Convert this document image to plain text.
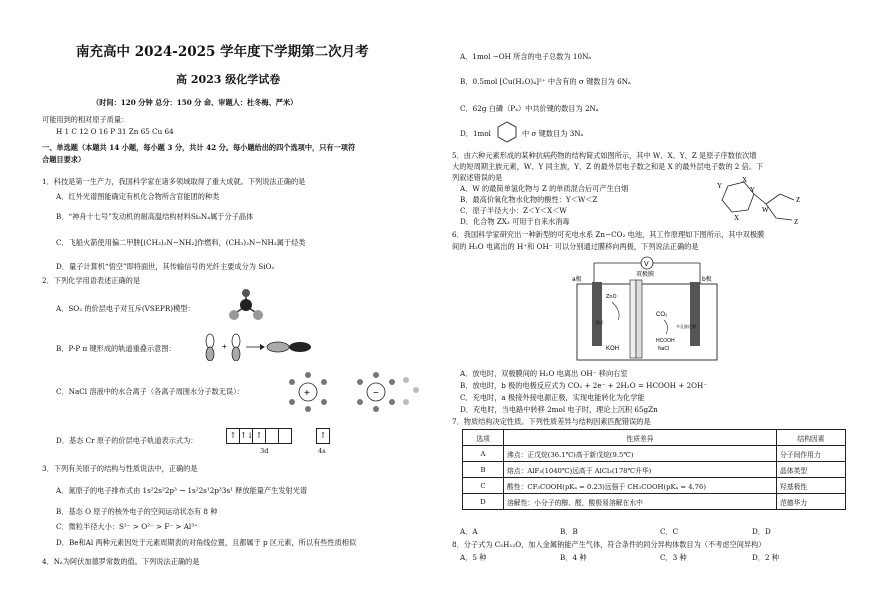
南充高中 2024-2025 学年度下学期第二次月考
高 2023 级化学试卷
（时间：120 分钟 总分：150 分 命、审题人：杜冬梅、严米）
可能用到的相对原子质量：
H 1 C 12 O 16 P 31 Zn 65 Cu 64
一、单选题（本题共 14 小题，每小题 3 分，共计 42 分。每小题给出的四个选项中，只有一项符
合题目要求）
1．科技是第一生产力，我国科学家在诸多领域取得了重大成就。下列说法正确的是
A．红外光谱图能确定有机化合物所含官能团的种类
B．“神舟十七号”发动机的耐高温结构材料Si₃N₄属于分子晶体
C．飞船火箭使用偏二甲肼[(CH₃)₂N−NH₂]作燃料，(CH₃)₂N−NH₂属于烃类
D．量子计算机“悟空”即将面世，其传输信号的光纤主要成分为 SiO₂
2．下列化学用语表述正确的是
A．SO₂ 的价层电子对互斥(VSEPR)模型：
B．P-P π 键形成的轨道重叠示意图：	+
C．NaCl 溶液中的水合离子（各离子周围水分子数无误）：	+	−
D．基态 Cr 原子的价层电子轨道表示式为：
↑ ↑↓ ↑	↑
3d	4s
3．下列有关原子的结构与性质说法中，正确的是
A．氮原子的电子排布式由 1s²2s²2p³ → 1s²2s¹2p³3s¹ 释放能量产生发射光谱
B．基态 O 原子的核外电子的空间运动状态有 8 种
C．微粒半径大小：S²⁻ > O²⁻ > F⁻ > Al³⁺
D．Be和Al 两种元素因处于元素周期表的对角线位置，且都属于 p 区元素，所以有些性质相似
4．Nₐ为阿伏加德罗常数的值。下列说法正确的是
A．1mol −OH 所含的电子总数为 10Nₐ
B．0.5mol [Cu(H₂O)₄]²⁺ 中含有的 σ 键数目为 6Nₐ
C．62g 白磷（P₄）中共价键的数目为 2Nₐ
D．1mol	中 σ 键数目为 3Nₐ
5．由六种元素形成的某种抗病药物的结构简式如图所示，其中 W、X、Y、Z 是原子序数依次增
大的短周期主族元素，W、Y 同主族，Y、Z 的最外层电子数之和是 X 的最外层电子数的 2 倍。下
列叙述错误的是
A．W 的最简单氢化物与 Z 的单质混合后可产生白烟
B．最高价氧化物水化物的酸性：Y＜W＜Z
C．原子半径大小：Z＜Y＜X＜W
D．化合物 ZX₂ 可用于自来水消毒
Y
X
Y
W
X
Z
Z
6．我国科学家研究出一种新型的可充电水系 Zn−CO₂ 电池，其工作原理如下图所示，其中双极膜
间的 H₂O 电离出的 H⁺和 OH⁻ 可以分别通过膜移向两极，下列说法正确的是
V
双极膜
a极	b极
ZnO
锌片
KOH
CO₂
HCOOH
NaCl
多孔催化剂
A．放电时，双极膜间的 H₂O 电离出 OH⁻ 移向右室
B．放电时，b 极的电极反应式为 CO₂ + 2e⁻ + 2H₂O = HCOOH + 2OH⁻
C．充电时，a 极接外接电源正极，实现电能转化为化学能
D．充电时，当电路中转移 2mol 电子时，理论上沉积 65gZn
7．物质结构决定性质。下列性质差异与结构因素匹配错误的是
选项	性质差异	结构因素
A	沸点：正戊烷(36.1℃)高于新戊烷(9.5℃)	分子间作用力
B	熔点：AlF₃(1040℃)远高于 AlCl₃(178℃升华)	晶体类型
C	酸性：CF₃COOH(pKₐ = 0.23)远强于 CH₃COOH(pKₐ = 4.76)	羟基极性
D	溶解性：小分子的醇、醛，酸极易溶解在水中	范德华力
A．A	B．B	C．C	D．D
8．分子式为 C₅H₁₂O，加入金属钠能产生气体，符合条件的同分异构体数目为（不考虑空间异构）
A．5 种	B．4 种	C．3 种	D．2 种
